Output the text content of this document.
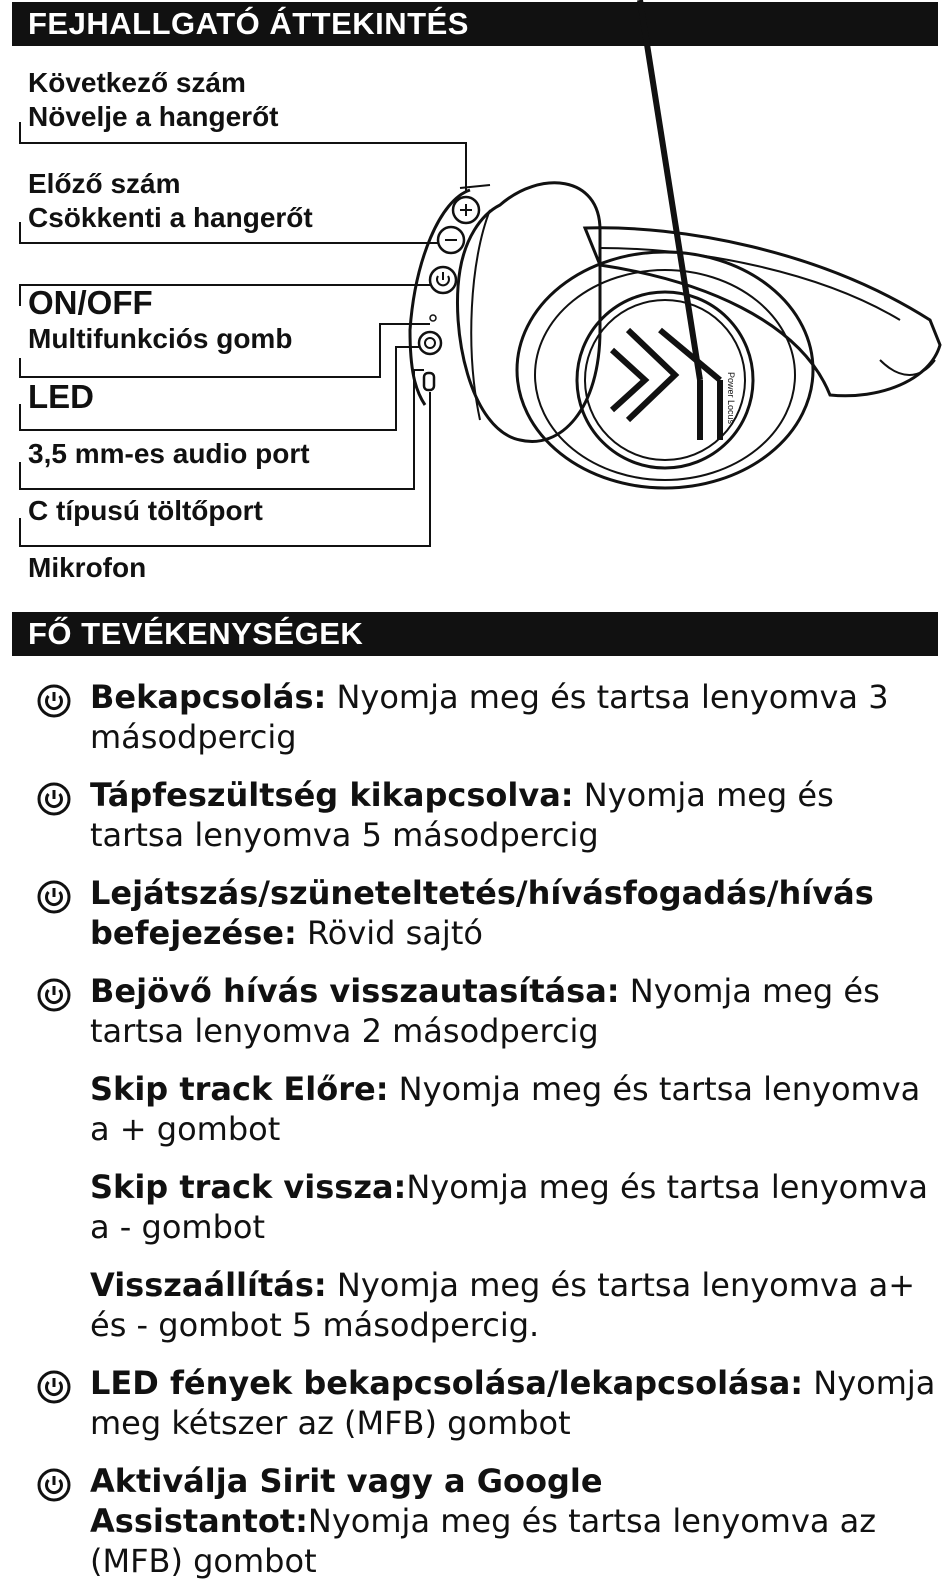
FEJHALLGATÓ ÁTTEKINTÉS
Következő szám
Növelje a hangerőt
Előző szám
Csökkenti a hangerőt
ON/OFF
Multifunkciós gomb
LED
3,5 mm-es audio port
C típusú töltőport
Mikrofon
Power Locus
FŐ TEVÉKENYSÉGEK
Bekapcsolás: Nyomja meg és tartsa lenyomva 3 másodpercig
Tápfeszültség kikapcsolva: Nyomja meg és tartsa lenyomva 5 másodpercig
Lejátszás/szüneteltetés/hívásfogadás/hívás befejezése: Rövid sajtó
Bejövő hívás visszautasítása: Nyomja meg és tartsa lenyomva 2 másodpercig
Skip track Előre: Nyomja meg és tartsa lenyomva a + gombot
Skip track vissza:Nyomja meg és tartsa lenyomva a - gombot
Visszaállítás: Nyomja meg és tartsa lenyomva a+ és - gombot 5 másodpercig.
LED fények bekapcsolása/lekapcsolása: Nyomja meg kétszer az (MFB) gombot
Aktiválja Sirit vagy a Google Assistantot:Nyomja meg és tartsa lenyomva az (MFB) gombot
